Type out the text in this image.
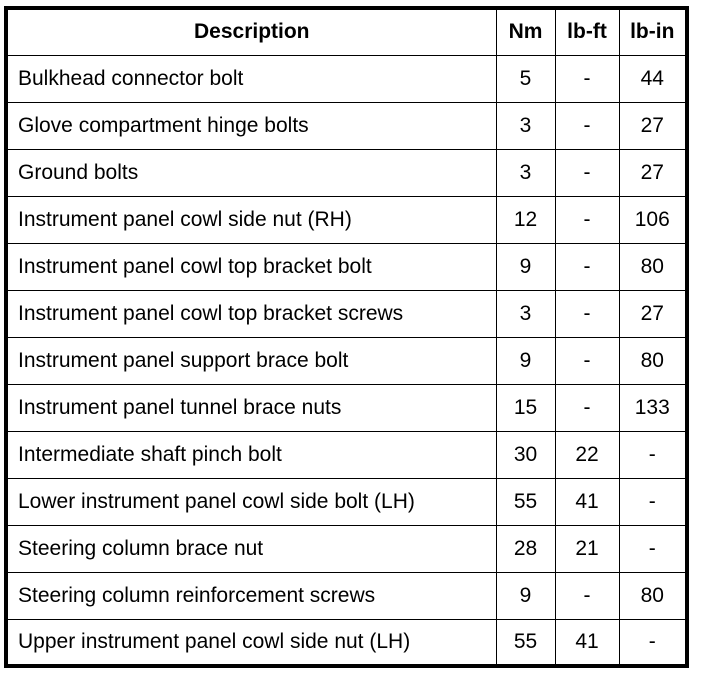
Description	Nm	lb-ft	lb-in
Bulkhead connector bolt	5	-	44
Glove compartment hinge bolts	3	-	27
Ground bolts	3	-	27
Instrument panel cowl side nut (RH)	12	-	106
Instrument panel cowl top bracket bolt	9	-	80
Instrument panel cowl top bracket screws	3	-	27
Instrument panel support brace bolt	9	-	80
Instrument panel tunnel brace nuts	15	-	133
Intermediate shaft pinch bolt	30	22	-
Lower instrument panel cowl side bolt (LH)	55	41	-
Steering column brace nut	28	21	-
Steering column reinforcement screws	9	-	80
Upper instrument panel cowl side nut (LH)	55	41	-
